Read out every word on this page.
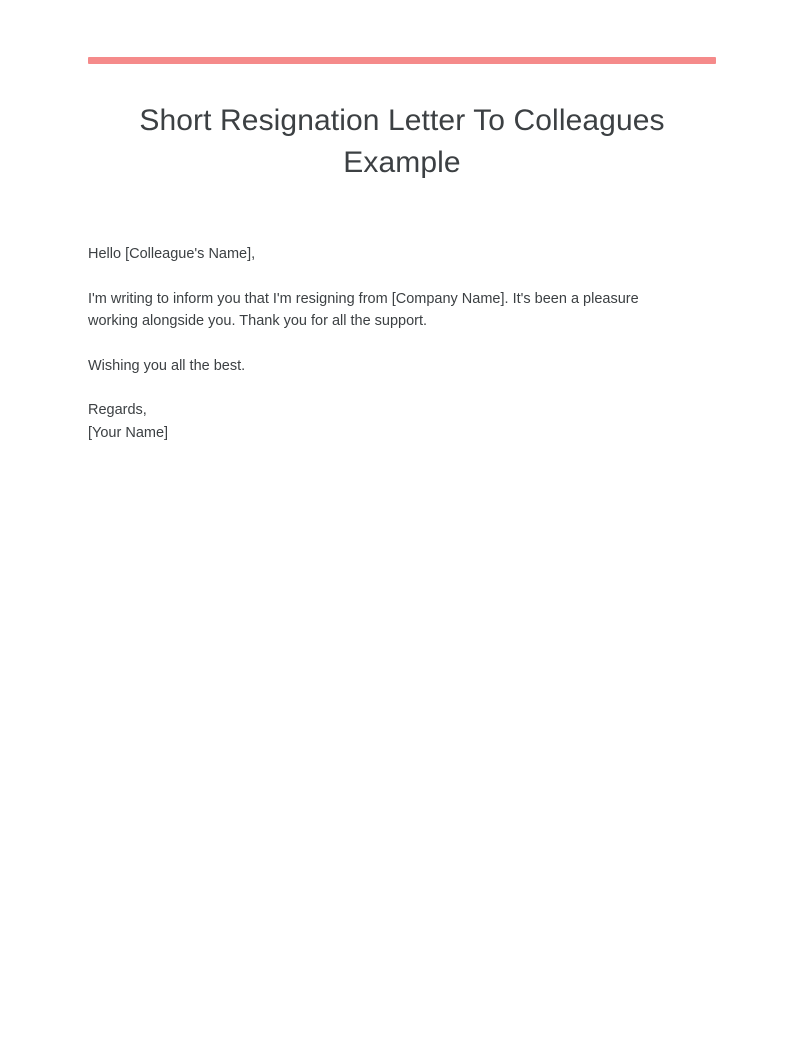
Short Resignation Letter To Colleagues Example

Hello [Colleague's Name],

I'm writing to inform you that I'm resigning from [Company Name]. It's been a pleasure working alongside you. Thank you for all the support.

Wishing you all the best.

Regards,
[Your Name]
